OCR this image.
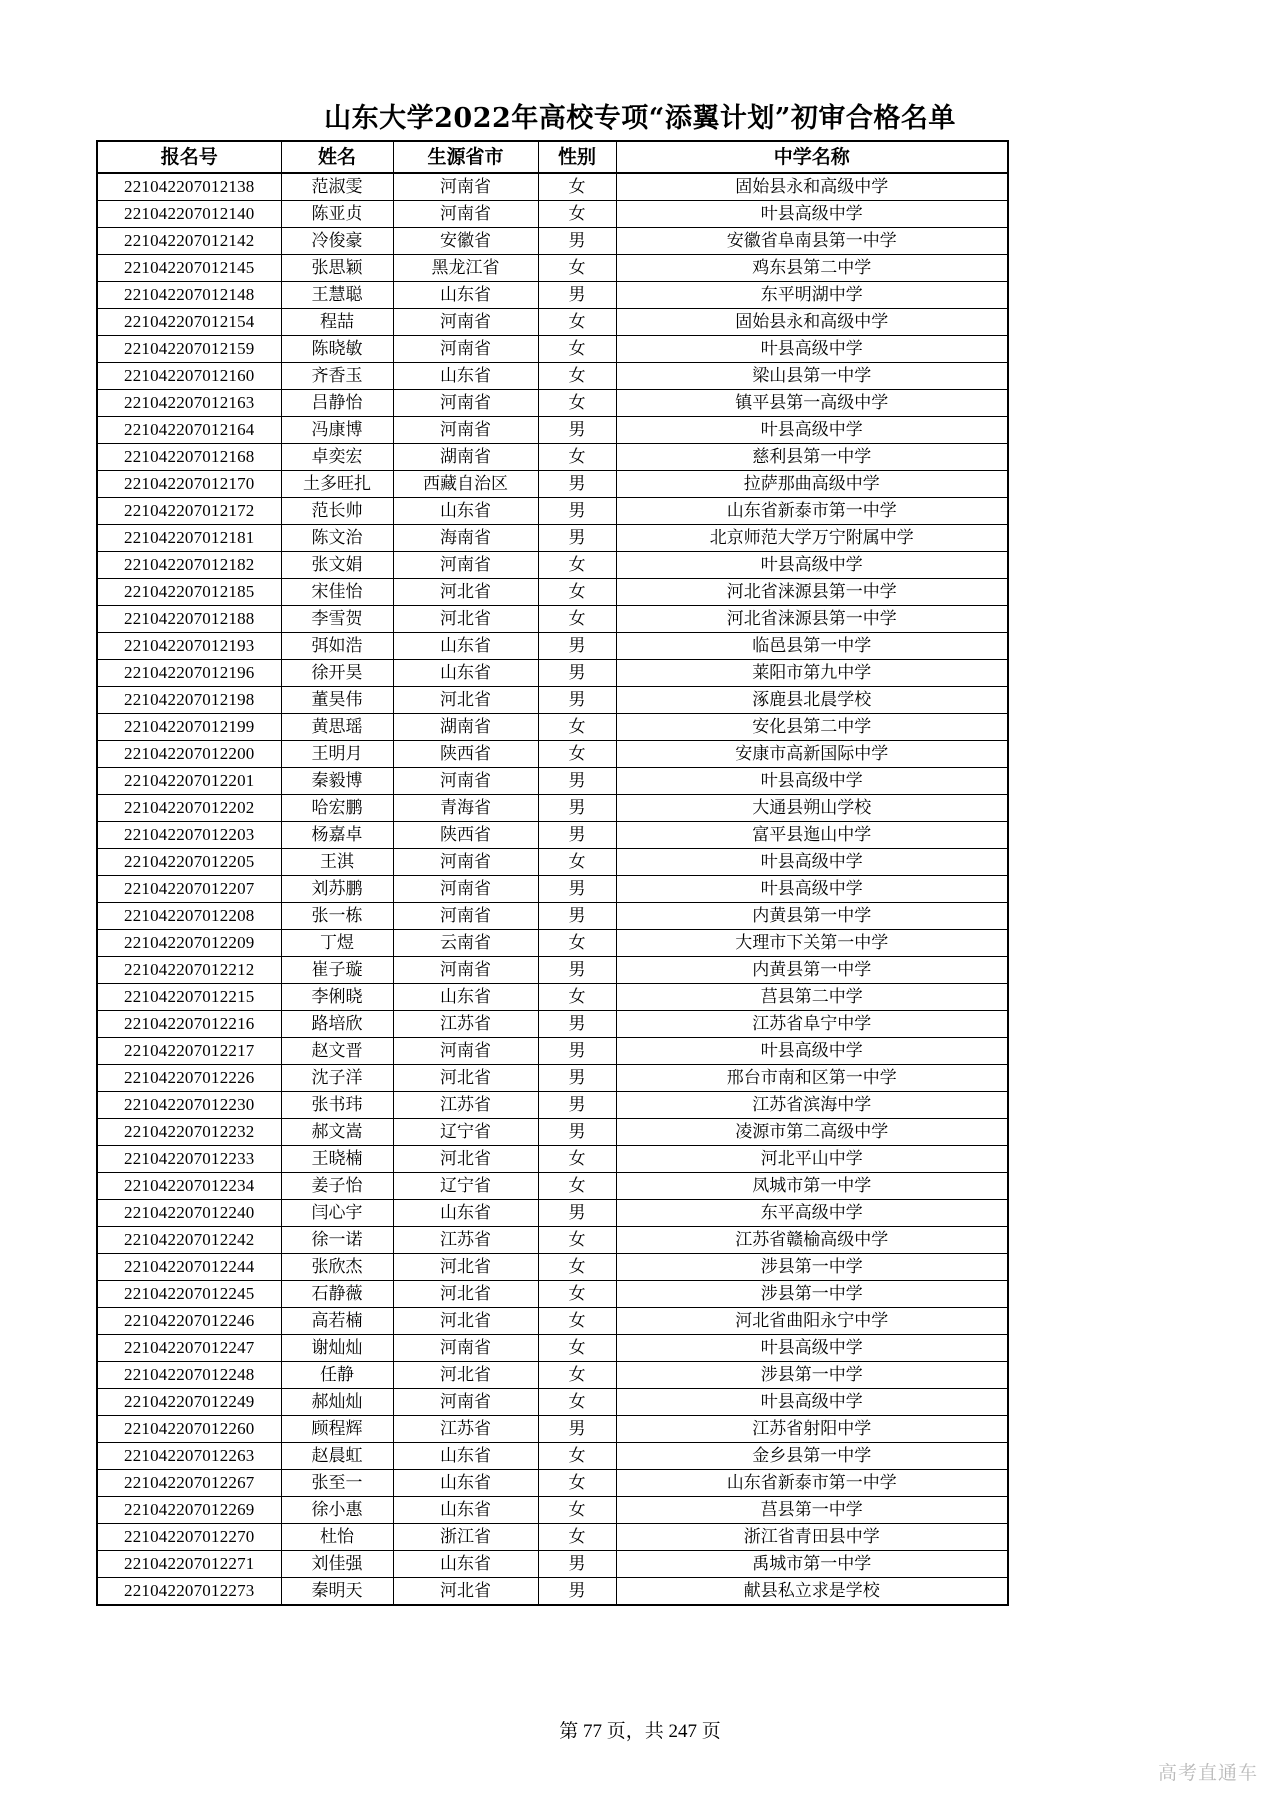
山东大学2022年高校专项“添翼计划”初审合格名单
报名号	姓名	生源省市	性别	中学名称
221042207012138	范淑雯	河南省	女	固始县永和高级中学
221042207012140	陈亚贞	河南省	女	叶县高级中学
221042207012142	冷俊豪	安徽省	男	安徽省阜南县第一中学
221042207012145	张思颖	黑龙江省	女	鸡东县第二中学
221042207012148	王慧聪	山东省	男	东平明湖中学
221042207012154	程喆	河南省	女	固始县永和高级中学
221042207012159	陈晓敏	河南省	女	叶县高级中学
221042207012160	齐香玉	山东省	女	梁山县第一中学
221042207012163	吕静怡	河南省	女	镇平县第一高级中学
221042207012164	冯康博	河南省	男	叶县高级中学
221042207012168	卓奕宏	湖南省	女	慈利县第一中学
221042207012170	土多旺扎	西藏自治区	男	拉萨那曲高级中学
221042207012172	范长帅	山东省	男	山东省新泰市第一中学
221042207012181	陈文治	海南省	男	北京师范大学万宁附属中学
221042207012182	张文娟	河南省	女	叶县高级中学
221042207012185	宋佳怡	河北省	女	河北省涞源县第一中学
221042207012188	李雪贺	河北省	女	河北省涞源县第一中学
221042207012193	弭如浩	山东省	男	临邑县第一中学
221042207012196	徐开昊	山东省	男	莱阳市第九中学
221042207012198	董昊伟	河北省	男	涿鹿县北晨学校
221042207012199	黄思瑶	湖南省	女	安化县第二中学
221042207012200	王明月	陕西省	女	安康市高新国际中学
221042207012201	秦毅博	河南省	男	叶县高级中学
221042207012202	哈宏鹏	青海省	男	大通县朔山学校
221042207012203	杨嘉卓	陕西省	男	富平县迤山中学
221042207012205	王淇	河南省	女	叶县高级中学
221042207012207	刘苏鹏	河南省	男	叶县高级中学
221042207012208	张一栋	河南省	男	内黄县第一中学
221042207012209	丁煜	云南省	女	大理市下关第一中学
221042207012212	崔子璇	河南省	男	内黄县第一中学
221042207012215	李俐晓	山东省	女	莒县第二中学
221042207012216	路培欣	江苏省	男	江苏省阜宁中学
221042207012217	赵文晋	河南省	男	叶县高级中学
221042207012226	沈子洋	河北省	男	邢台市南和区第一中学
221042207012230	张书玮	江苏省	男	江苏省滨海中学
221042207012232	郝文嵩	辽宁省	男	凌源市第二高级中学
221042207012233	王晓楠	河北省	女	河北平山中学
221042207012234	姜子怡	辽宁省	女	凤城市第一中学
221042207012240	闫心宇	山东省	男	东平高级中学
221042207012242	徐一诺	江苏省	女	江苏省赣榆高级中学
221042207012244	张欣杰	河北省	女	涉县第一中学
221042207012245	石静薇	河北省	女	涉县第一中学
221042207012246	高若楠	河北省	女	河北省曲阳永宁中学
221042207012247	谢灿灿	河南省	女	叶县高级中学
221042207012248	任静	河北省	女	涉县第一中学
221042207012249	郝灿灿	河南省	女	叶县高级中学
221042207012260	顾程辉	江苏省	男	江苏省射阳中学
221042207012263	赵晨虹	山东省	女	金乡县第一中学
221042207012267	张至一	山东省	女	山东省新泰市第一中学
221042207012269	徐小惠	山东省	女	莒县第一中学
221042207012270	杜怡	浙江省	女	浙江省青田县中学
221042207012271	刘佳强	山东省	男	禹城市第一中学
221042207012273	秦明天	河北省	男	献县私立求是学校
第 77 页，共 247 页
高考直通车
